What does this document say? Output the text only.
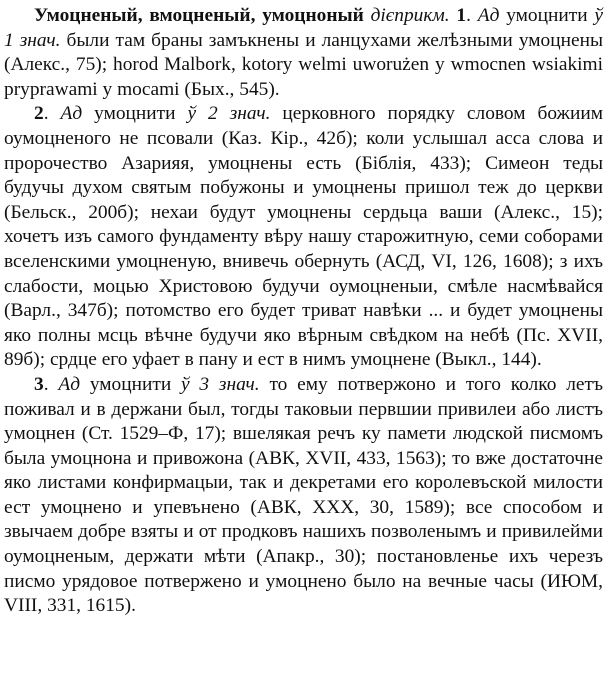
Умоцненый, вмоцненый, умоцноный дієприкм. 1. Ад умоцнити ў 1 знач. были там браны замъкнены и ланцухами желѣзными умоцнены (Алекс., 75); horod Malbork, kotory welmi uworużen y wmocnen wsiakimi pryprawami y mocami (Бых., 545).
2. Ад умоцнити ў 2 знач. церковного порядку словом божиим оумоцненого не псовали (Каз. Кір., 42б); коли услышал асса слова и пророчество Азарияя, умоцнены есть (Біблія, 433); Симеон теды будучы духом святым побужоны и умоцнены пришол теж до церкви (Бельск., 200б); нехаи будут умоцнены сердьца ваши (Алекс., 15); хочетъ изъ самого фундаменту вѣру нашу старожитную, семи соборами вселенскими умоцненую, внивечь обернуть (АСД, VI, 126, 1608); з ихъ слабости, моцью Христовою будучи оумоцненыи, смѣле насмѣвайся (Варл., 347б); потомство его будет триват навѣки ... и будет умоцнены яко полны мсць вѣчне будучи яко вѣрным свѣдком на небѣ (Пс. XVII, 89б); срдце его уфает в пану и ест в нимъ умоцнене (Выкл., 144).
3. Ад умоцнити ў 3 знач. то ему потвержоно и того колко летъ поживал и в держани был, тогды таковыи первшии привилеи або листъ умоцнен (Ст. 1529–Ф, 17); вшелякая речъ ку памети людской писмомъ была умоцнона и привожона (АВК, XVII, 433, 1563); то вже достаточне яко листами конфирмацыи, так и декретами его королевъской милости ест умоцнено и упевънено (АВК, XXX, 30, 1589); все способом и звычаем добре взяты и от продковъ нашихъ позволенымъ и привилейми оумоцненым, держати мѣти (Апакр., 30); постановленье ихъ черезъ писмо урядовое потвержено и умоцнено было на вечные часы (ИЮМ, VIII, 331, 1615).
